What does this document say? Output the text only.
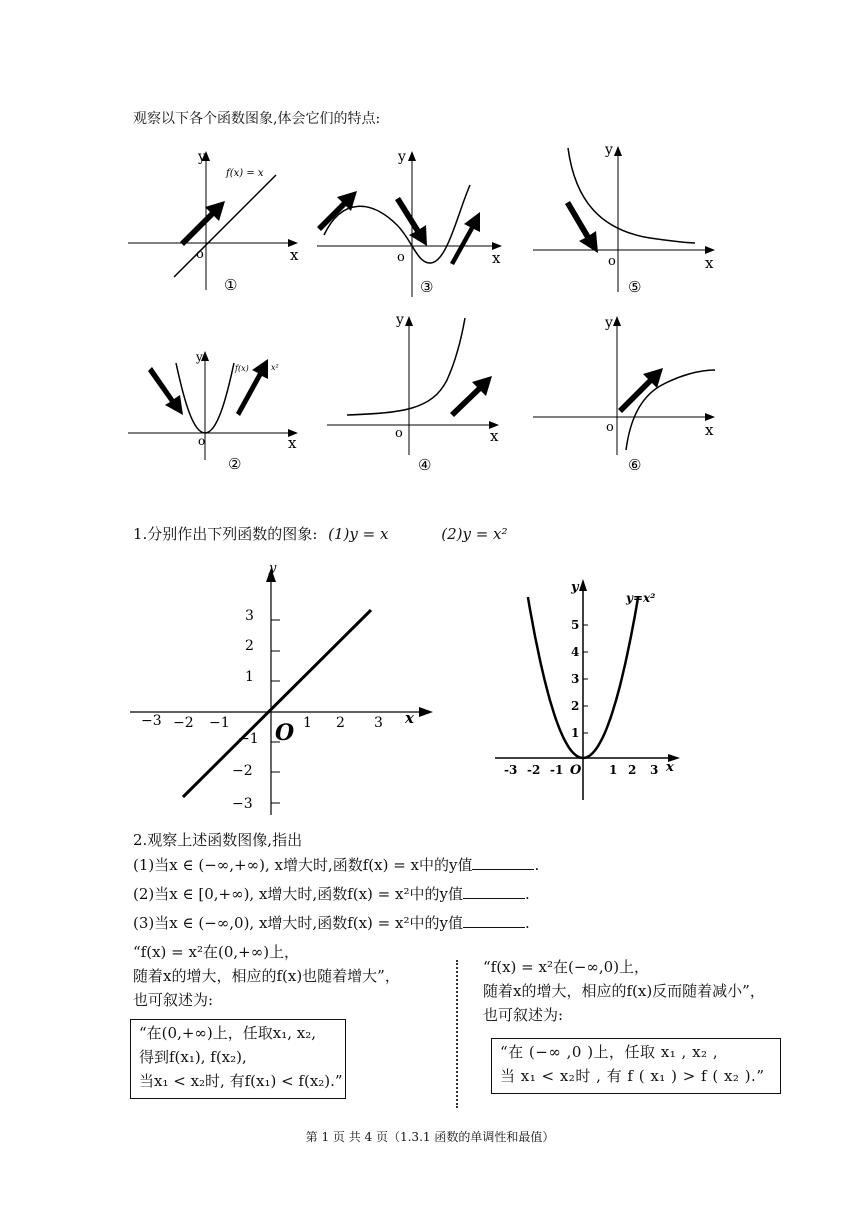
观察以下各个函数图象,体会它们的特点:
y
x
o
f(x) = x
①
y
x
o
③
y
x
o
⑤
y
x
o
f(x)	x²
②
y
x
o
④
y
x
o
⑥
1.分别作出下列函数的图象: (1)y = x	(2)y = x²
−3 −2 −1	1 2 3
3
2
1
−1
−2
−3
x
y
O
-3 -2 -1	1 2 3
1
2
3
4
5
x
y
O
y=x²
2.观察上述函数图像,指出
(1)当x ∈ (−∞,+∞), x增大时,函数f(x) = x中的y值	.
(2)当x ∈ [0,+∞), x增大时,函数f(x) = x²中的y值	.
(3)当x ∈ (−∞,0), x增大时,函数f(x) = x²中的y值	.
“f(x) = x²在(0,+∞)上，
随着x的增大，相应的f(x)也随着增大”，
也可叙述为:
“在(0,+∞)上，任取x₁, x₂,
得到f(x₁), f(x₂),
当x₁ < x₂时, 有f(x₁) < f(x₂).”
“f(x) = x²在(−∞,0)上，
随着x的增大，相应的f(x)反而随着减小”，
也可叙述为:
“在 (−∞ ,0 )上，任取 x₁ , x₂ ,
当 x₁ < x₂时 , 有 f ( x₁ ) > f ( x₂ ).”
第 1 页 共 4 页（1.3.1 函数的单调性和最值）
